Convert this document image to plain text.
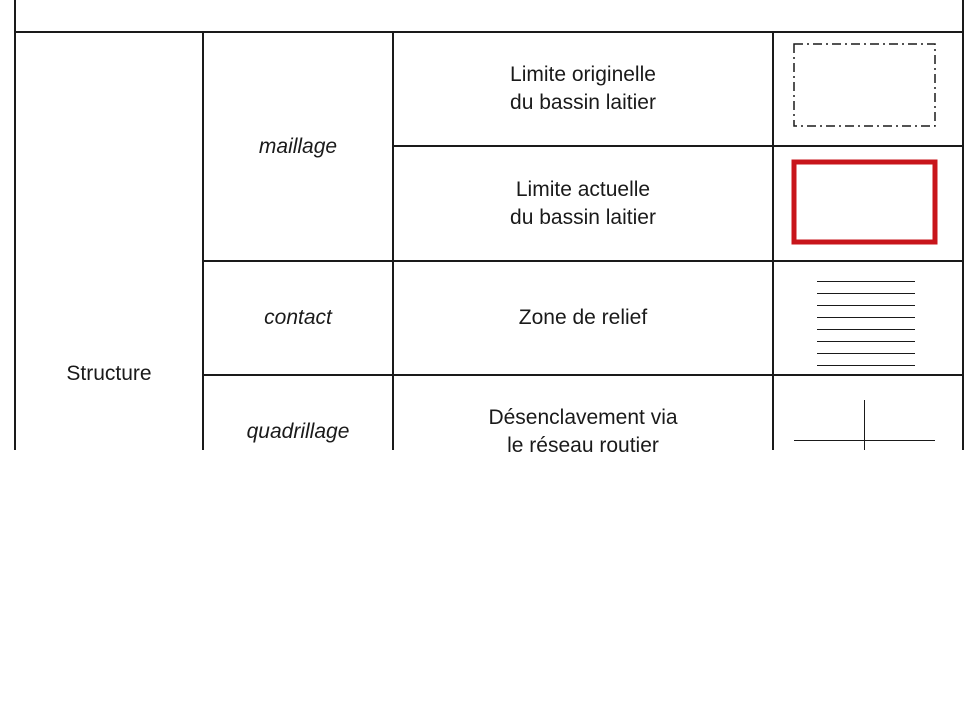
Structure
maillage
contact
quadrillage
Limite originelle
du bassin laitier
Limite actuelle
du bassin laitier
Zone de relief
Désenclavement via
le réseau routier
